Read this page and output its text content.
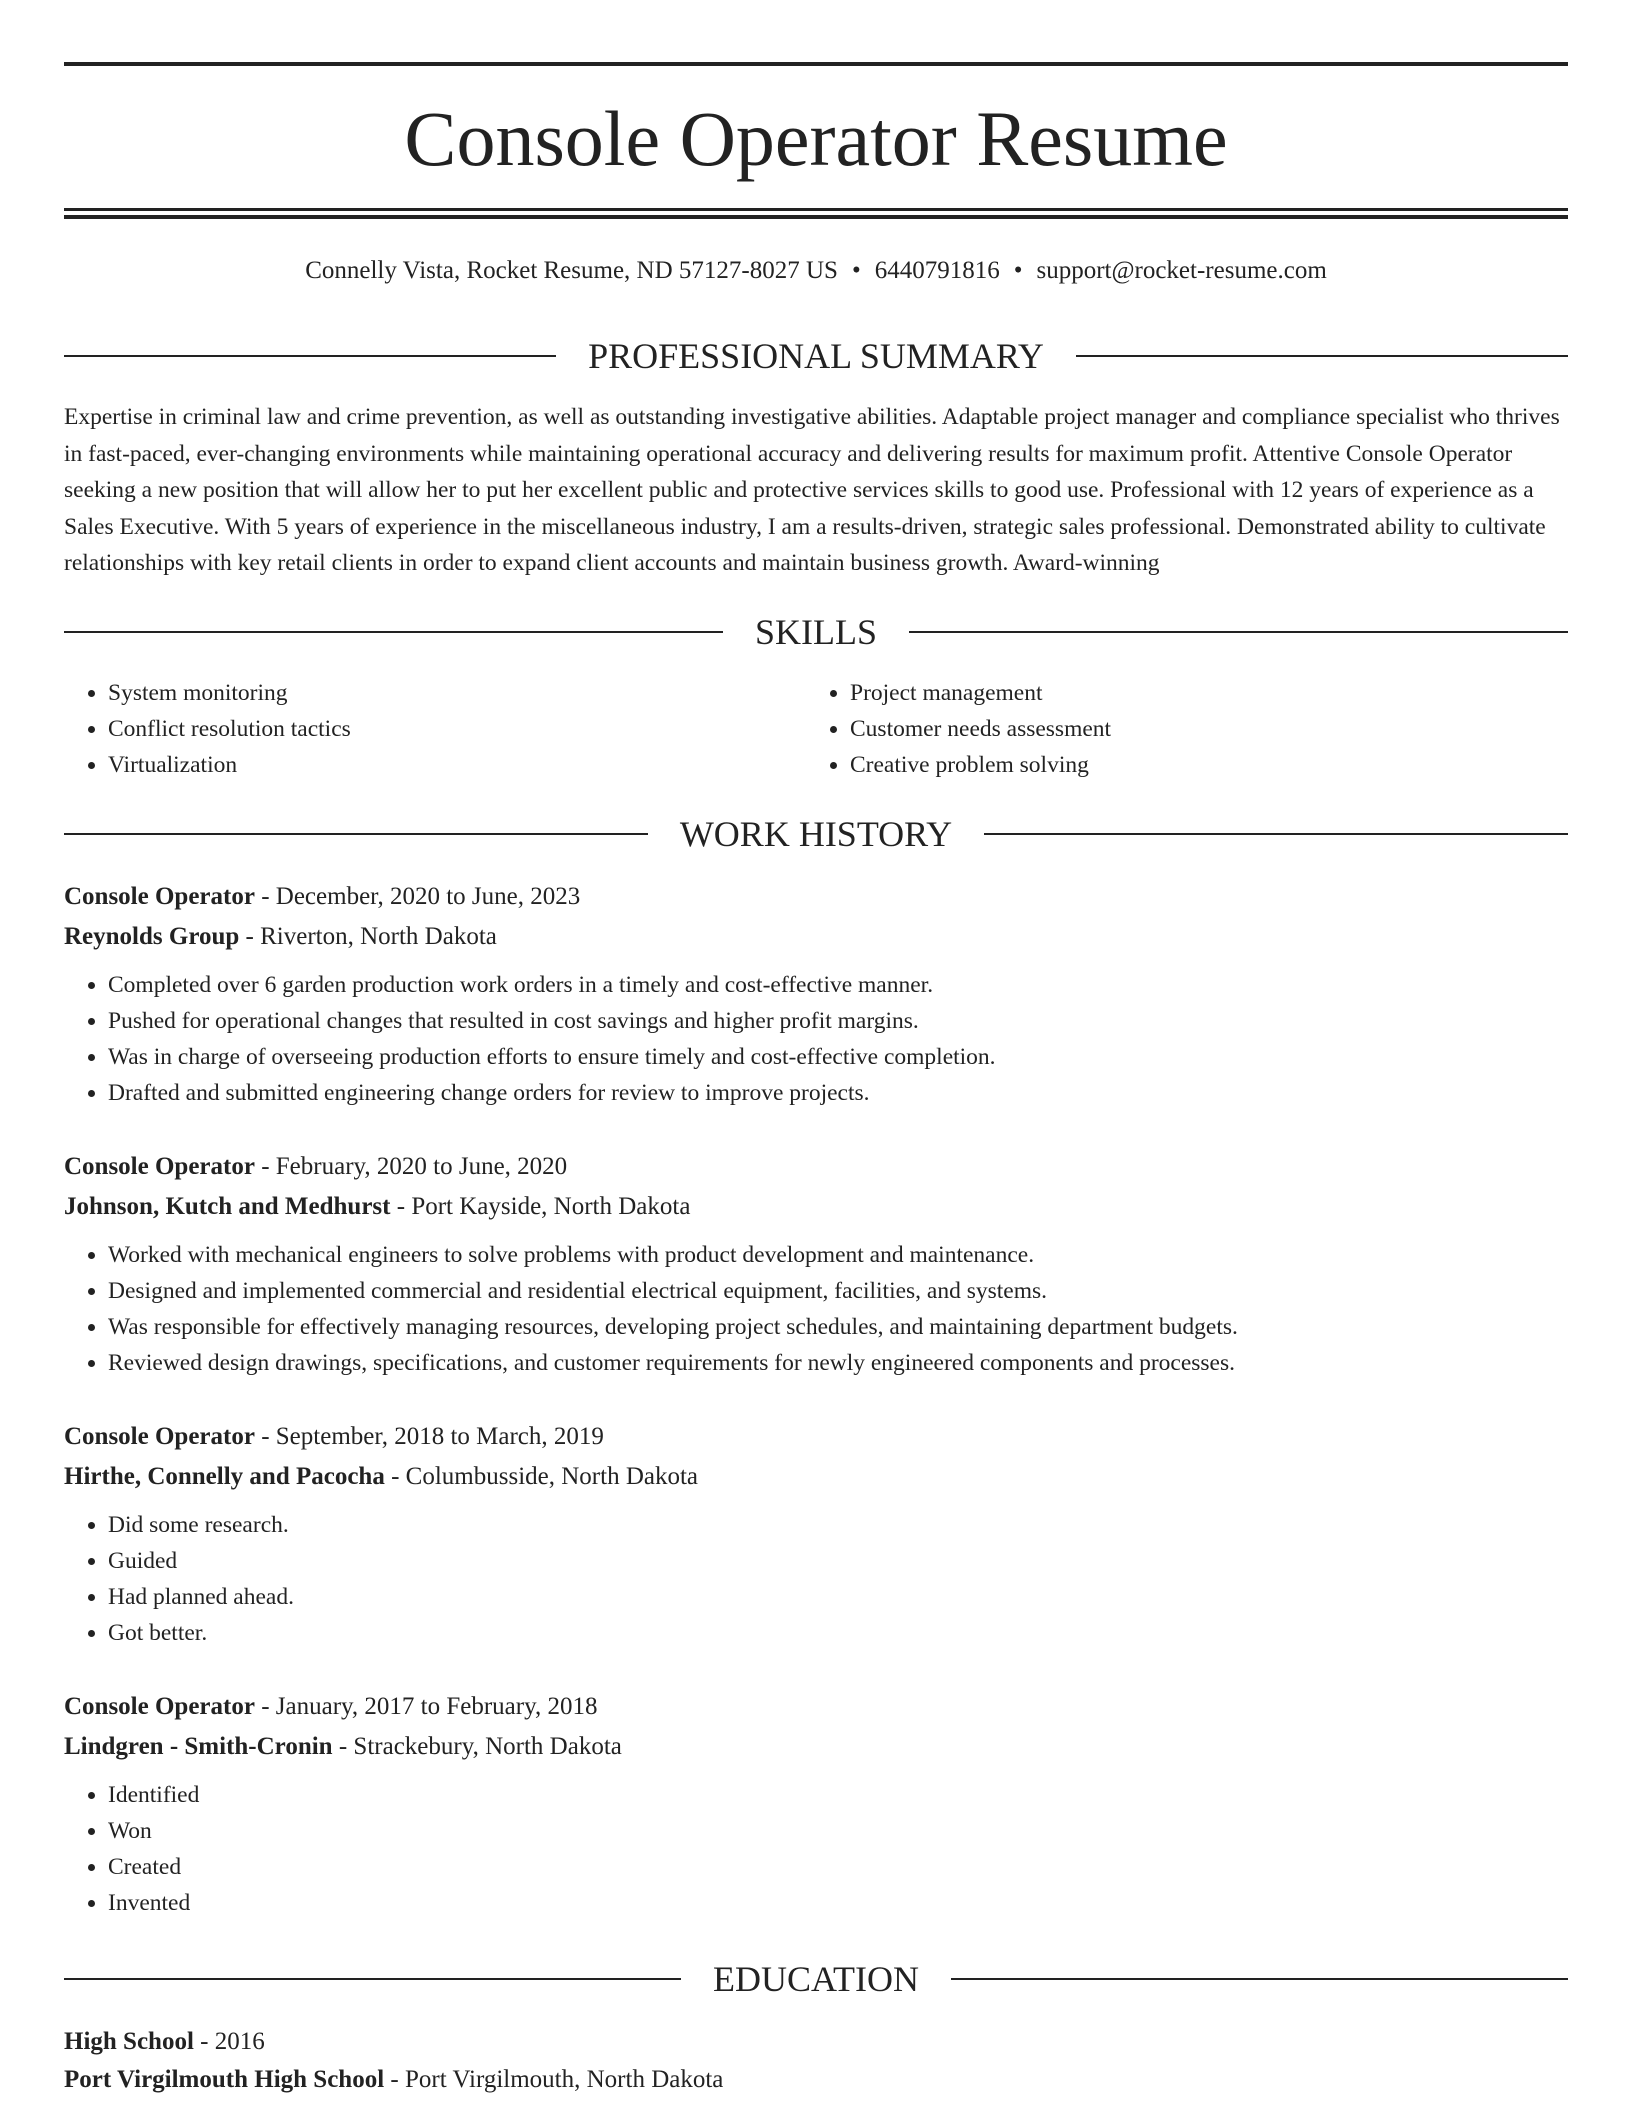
Console Operator Resume
Connelly Vista, Rocket Resume, ND 57127-8027 US • 6440791816 • support@rocket-resume.com
PROFESSIONAL SUMMARY

Expertise in criminal law and crime prevention, as well as outstanding investigative abilities. Adaptable project manager and compliance specialist who thrives in fast-paced, ever-changing environments while maintaining operational accuracy and delivering results for maximum profit. Attentive Console Operator seeking a new position that will allow her to put her excellent public and protective services skills to good use. Professional with 12 years of experience as a Sales Executive. With 5 years of experience in the miscellaneous industry, I am a results-driven, strategic sales professional. Demonstrated ability to cultivate relationships with key retail clients in order to expand client accounts and maintain business growth. Award-winning

SKILLS
• System monitoring
• Conflict resolution tactics
• Virtualization
• Project management
• Customer needs assessment
• Creative problem solving
WORK HISTORY
Console Operator - December, 2020 to June, 2023
Reynolds Group - Riverton, North Dakota
• Completed over 6 garden production work orders in a timely and cost-effective manner.
• Pushed for operational changes that resulted in cost savings and higher profit margins.
• Was in charge of overseeing production efforts to ensure timely and cost-effective completion.
• Drafted and submitted engineering change orders for review to improve projects.
Console Operator - February, 2020 to June, 2020
Johnson, Kutch and Medhurst - Port Kayside, North Dakota
• Worked with mechanical engineers to solve problems with product development and maintenance.
• Designed and implemented commercial and residential electrical equipment, facilities, and systems.
• Was responsible for effectively managing resources, developing project schedules, and maintaining department budgets.
• Reviewed design drawings, specifications, and customer requirements for newly engineered components and processes.
Console Operator - September, 2018 to March, 2019
Hirthe, Connelly and Pacocha - Columbusside, North Dakota
• Did some research.
• Guided
• Had planned ahead.
• Got better.
Console Operator - January, 2017 to February, 2018
Lindgren - Smith-Cronin - Strackebury, North Dakota
• Identified
• Won
• Created
• Invented
EDUCATION
High School - 2016
Port Virgilmouth High School - Port Virgilmouth, North Dakota
